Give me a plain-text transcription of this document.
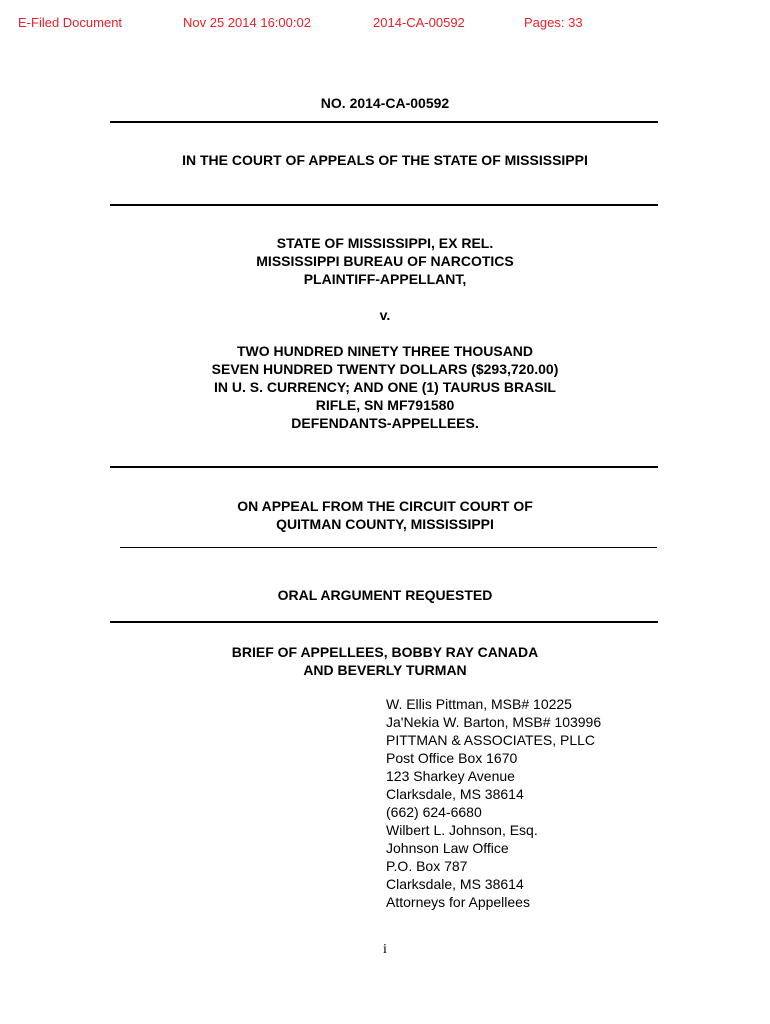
E-Filed Document	Nov 25 2014 16:00:02	2014-CA-00592	Pages: 33
NO. 2014-CA-00592
IN THE COURT OF APPEALS OF THE STATE OF MISSISSIPPI
STATE OF MISSISSIPPI, EX REL.
MISSISSIPPI BUREAU OF NARCOTICS
PLAINTIFF-APPELLANT,
v.
TWO HUNDRED NINETY THREE THOUSAND
SEVEN HUNDRED TWENTY DOLLARS ($293,720.00)
IN U. S. CURRENCY; AND ONE (1) TAURUS BRASIL
RIFLE, SN MF791580
DEFENDANTS-APPELLEES.
ON APPEAL FROM THE CIRCUIT COURT OF
QUITMAN COUNTY, MISSISSIPPI
ORAL ARGUMENT REQUESTED
BRIEF OF APPELLEES, BOBBY RAY CANADA
AND BEVERLY TURMAN
W. Ellis Pittman, MSB# 10225
Ja'Nekia W. Barton, MSB# 103996
PITTMAN & ASSOCIATES, PLLC
Post Office Box 1670
123 Sharkey Avenue
Clarksdale, MS 38614
(662) 624-6680
Wilbert L. Johnson, Esq.
Johnson Law Office
P.O. Box 787
Clarksdale, MS 38614
Attorneys for Appellees
i
